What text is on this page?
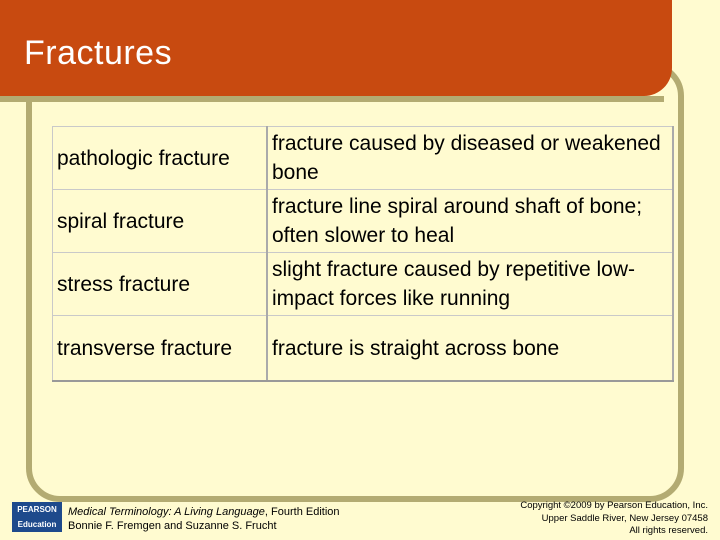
Fractures
pathologic fracture	fracture caused by diseased or weakened bone
spiral fracture	fracture line spiral around shaft of bone; often slower to heal
stress fracture	slight fracture caused by repetitive low-impact forces like running
transverse fracture	fracture is straight across bone
PEARSON
Education
Medical Terminology: A Living Language, Fourth Edition
Bonnie F. Fremgen and Suzanne S. Frucht
Copyright ©2009 by Pearson Education, Inc.
Upper Saddle River, New Jersey 07458
All rights reserved.
